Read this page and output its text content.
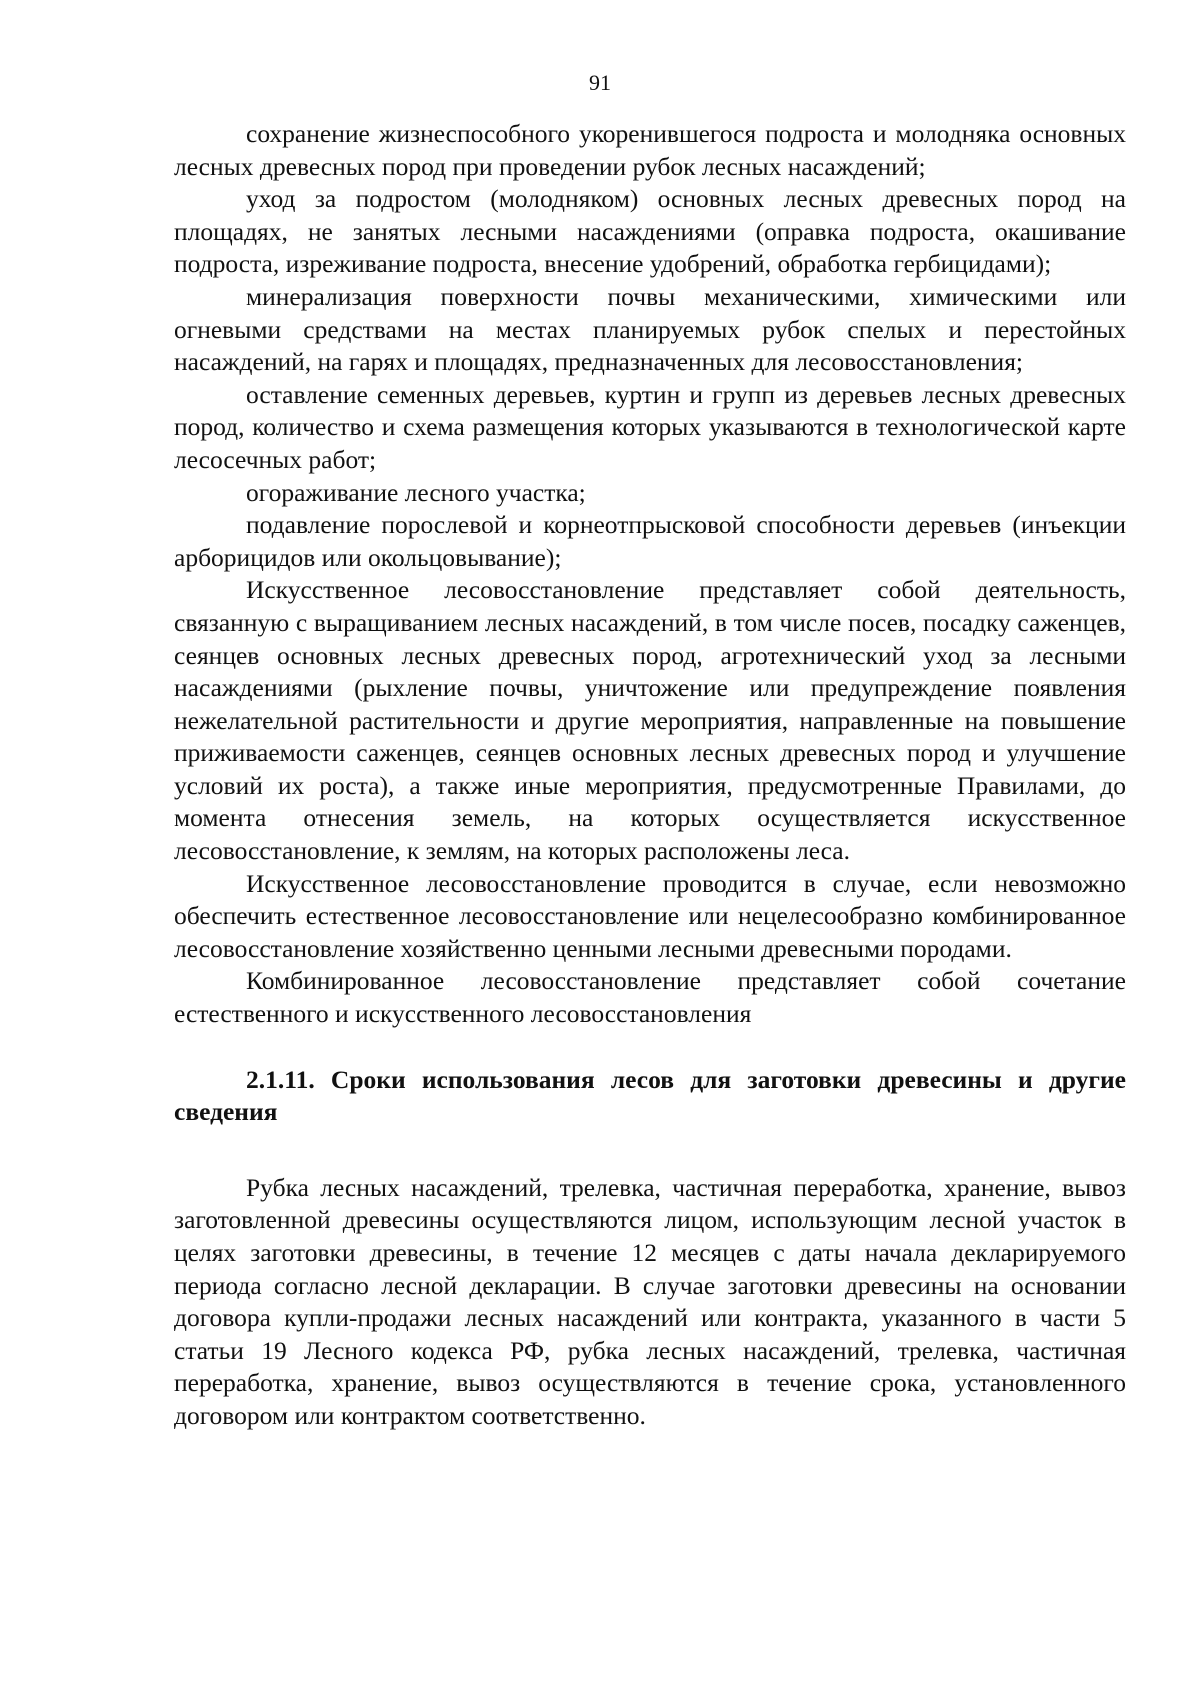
91

сохранение жизнеспособного укоренившегося подроста и молодняка основных лесных древесных пород при проведении рубок лесных насаждений;

уход за подростом (молодняком) основных лесных древесных пород на площадях, не занятых лесными насаждениями (оправка подроста, окашивание подроста, изреживание подроста, внесение удобрений, обработка гербицидами);

минерализация поверхности почвы механическими, химическими или огневыми средствами на местах планируемых рубок спелых и перестойных насаждений, на гарях и площадях, предназначенных для лесовосстановления;

оставление семенных деревьев, куртин и групп из деревьев лесных древесных пород, количество и схема размещения которых указываются в технологической карте лесосечных работ;

огораживание лесного участка;

подавление порослевой и корнеотпрысковой способности деревьев (инъекции арборицидов или окольцовывание);

Искусственное лесовосстановление представляет собой деятельность, связанную с выращиванием лесных насаждений, в том числе посев, посадку саженцев, сеянцев основных лесных древесных пород, агротехнический уход за лесными насаждениями (рыхление почвы, уничтожение или предупреждение появления нежелательной растительности и другие мероприятия, направленные на повышение приживаемости саженцев, сеянцев основных лесных древесных пород и улучшение условий их роста), а также иные мероприятия, предусмотренные Правилами, до момента отнесения земель, на которых осуществляется искусственное лесовосстановление, к землям, на которых расположены леса.

Искусственное лесовосстановление проводится в случае, если невозможно обеспечить естественное лесовосстановление или нецелесообразно комбинированное лесовосстановление хозяйственно ценными лесными древесными породами.

Комбинированное лесовосстановление представляет собой сочетание естественного и искусственного лесовосстановления

2.1.11. Сроки использования лесов для заготовки древесины и другие сведения

Рубка лесных насаждений, трелевка, частичная переработка, хранение, вывоз заготовленной древесины осуществляются лицом, использующим лесной участок в целях заготовки древесины, в течение 12 месяцев с даты начала декларируемого периода согласно лесной декларации. В случае заготовки древесины на основании договора купли-продажи лесных насаждений или контракта, указанного в части 5 статьи 19 Лесного кодекса РФ, рубка лесных насаждений, трелевка, частичная переработка, хранение, вывоз осуществляются в течение срока, установленного договором или контрактом соответственно.
